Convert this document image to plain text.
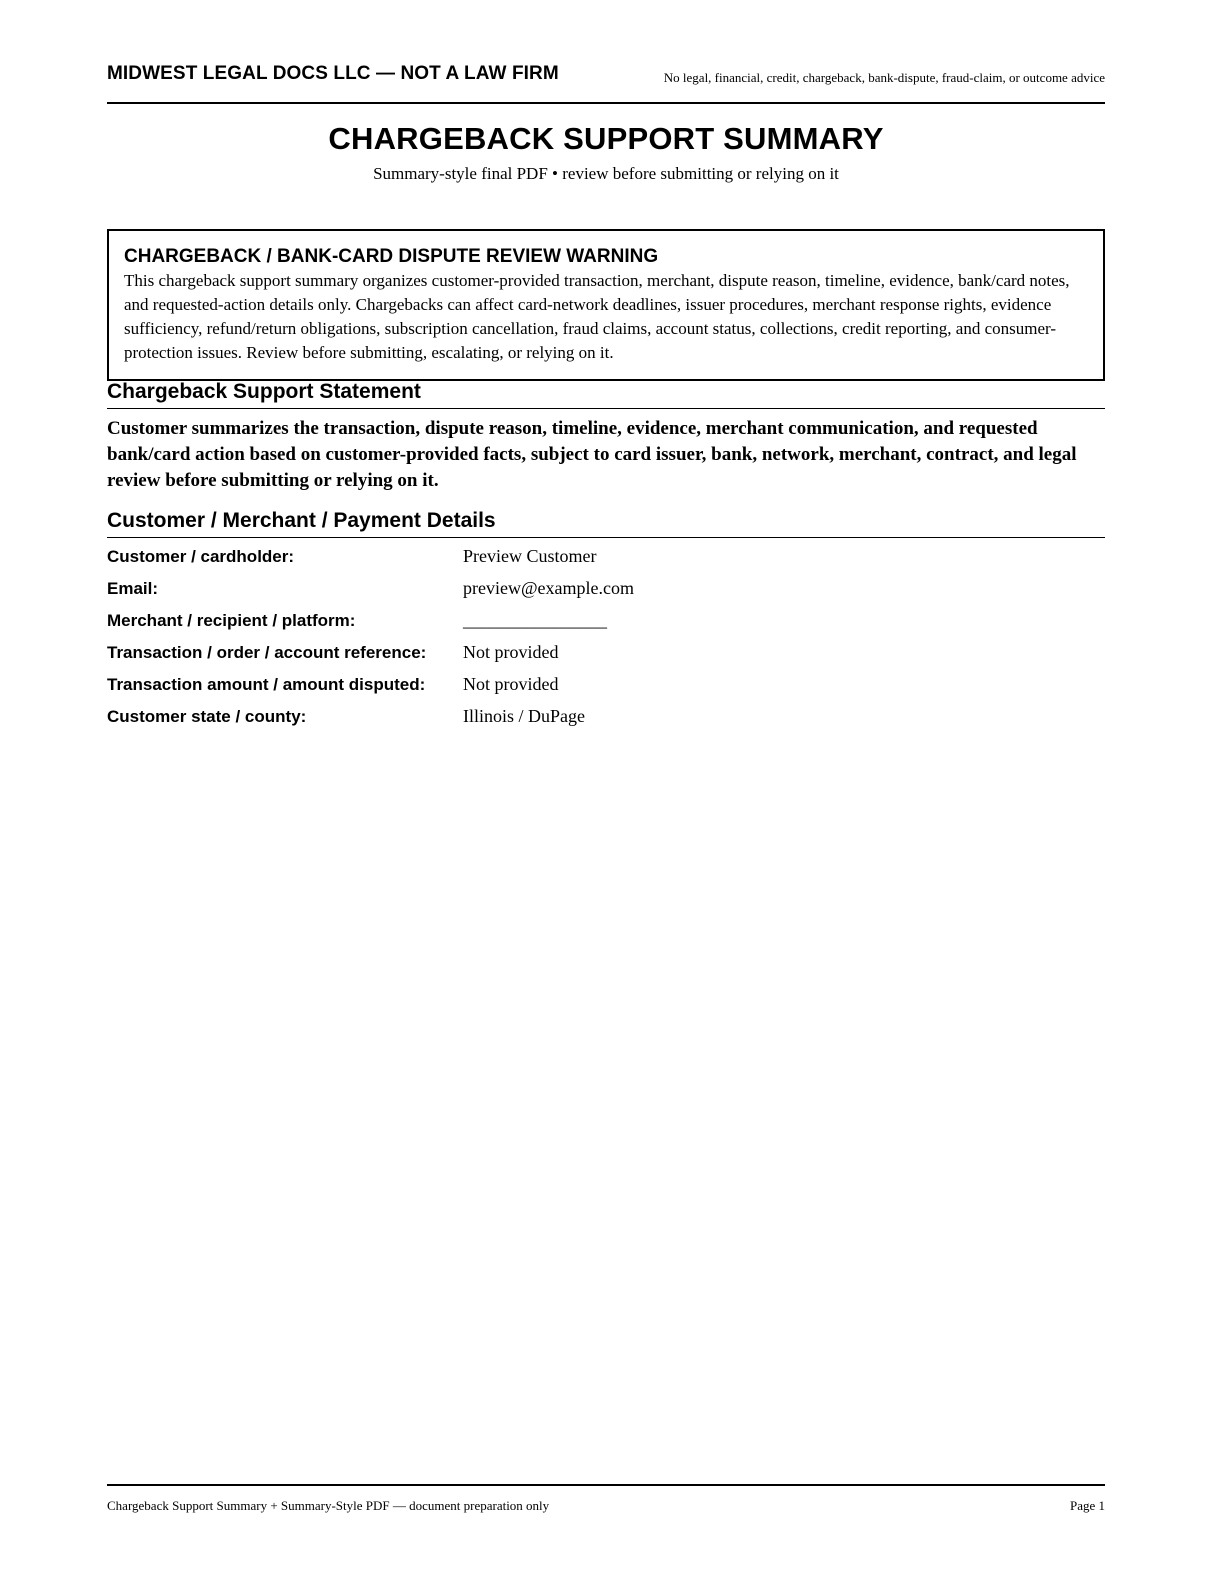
MIDWEST LEGAL DOCS LLC — NOT A LAW FIRM	No legal, financial, credit, chargeback, bank-dispute, fraud-claim, or outcome advice
CHARGEBACK SUPPORT SUMMARY
Summary-style final PDF • review before submitting or relying on it
CHARGEBACK / BANK-CARD DISPUTE REVIEW WARNING
This chargeback support summary organizes customer-provided transaction, merchant, dispute reason, timeline, evidence, bank/card notes, and requested-action details only. Chargebacks can affect card-network deadlines, issuer procedures, merchant response rights, evidence sufficiency, refund/return obligations, subscription cancellation, fraud claims, account status, collections, credit reporting, and consumer-protection issues. Review before submitting, escalating, or relying on it.
Chargeback Support Statement
Customer summarizes the transaction, dispute reason, timeline, evidence, merchant communication, and requested bank/card action based on customer-provided facts, subject to card issuer, bank, network, merchant, contract, and legal review before submitting or relying on it.
Customer / Merchant / Payment Details
Customer / cardholder:	Preview Customer
Email:	preview@example.com
Merchant / recipient / platform:	________________
Transaction / order / account reference: Not provided
Transaction amount / amount disputed: Not provided
Customer state / county:	Illinois / DuPage
Chargeback Support Summary + Summary-Style PDF — document preparation only	Page 1
